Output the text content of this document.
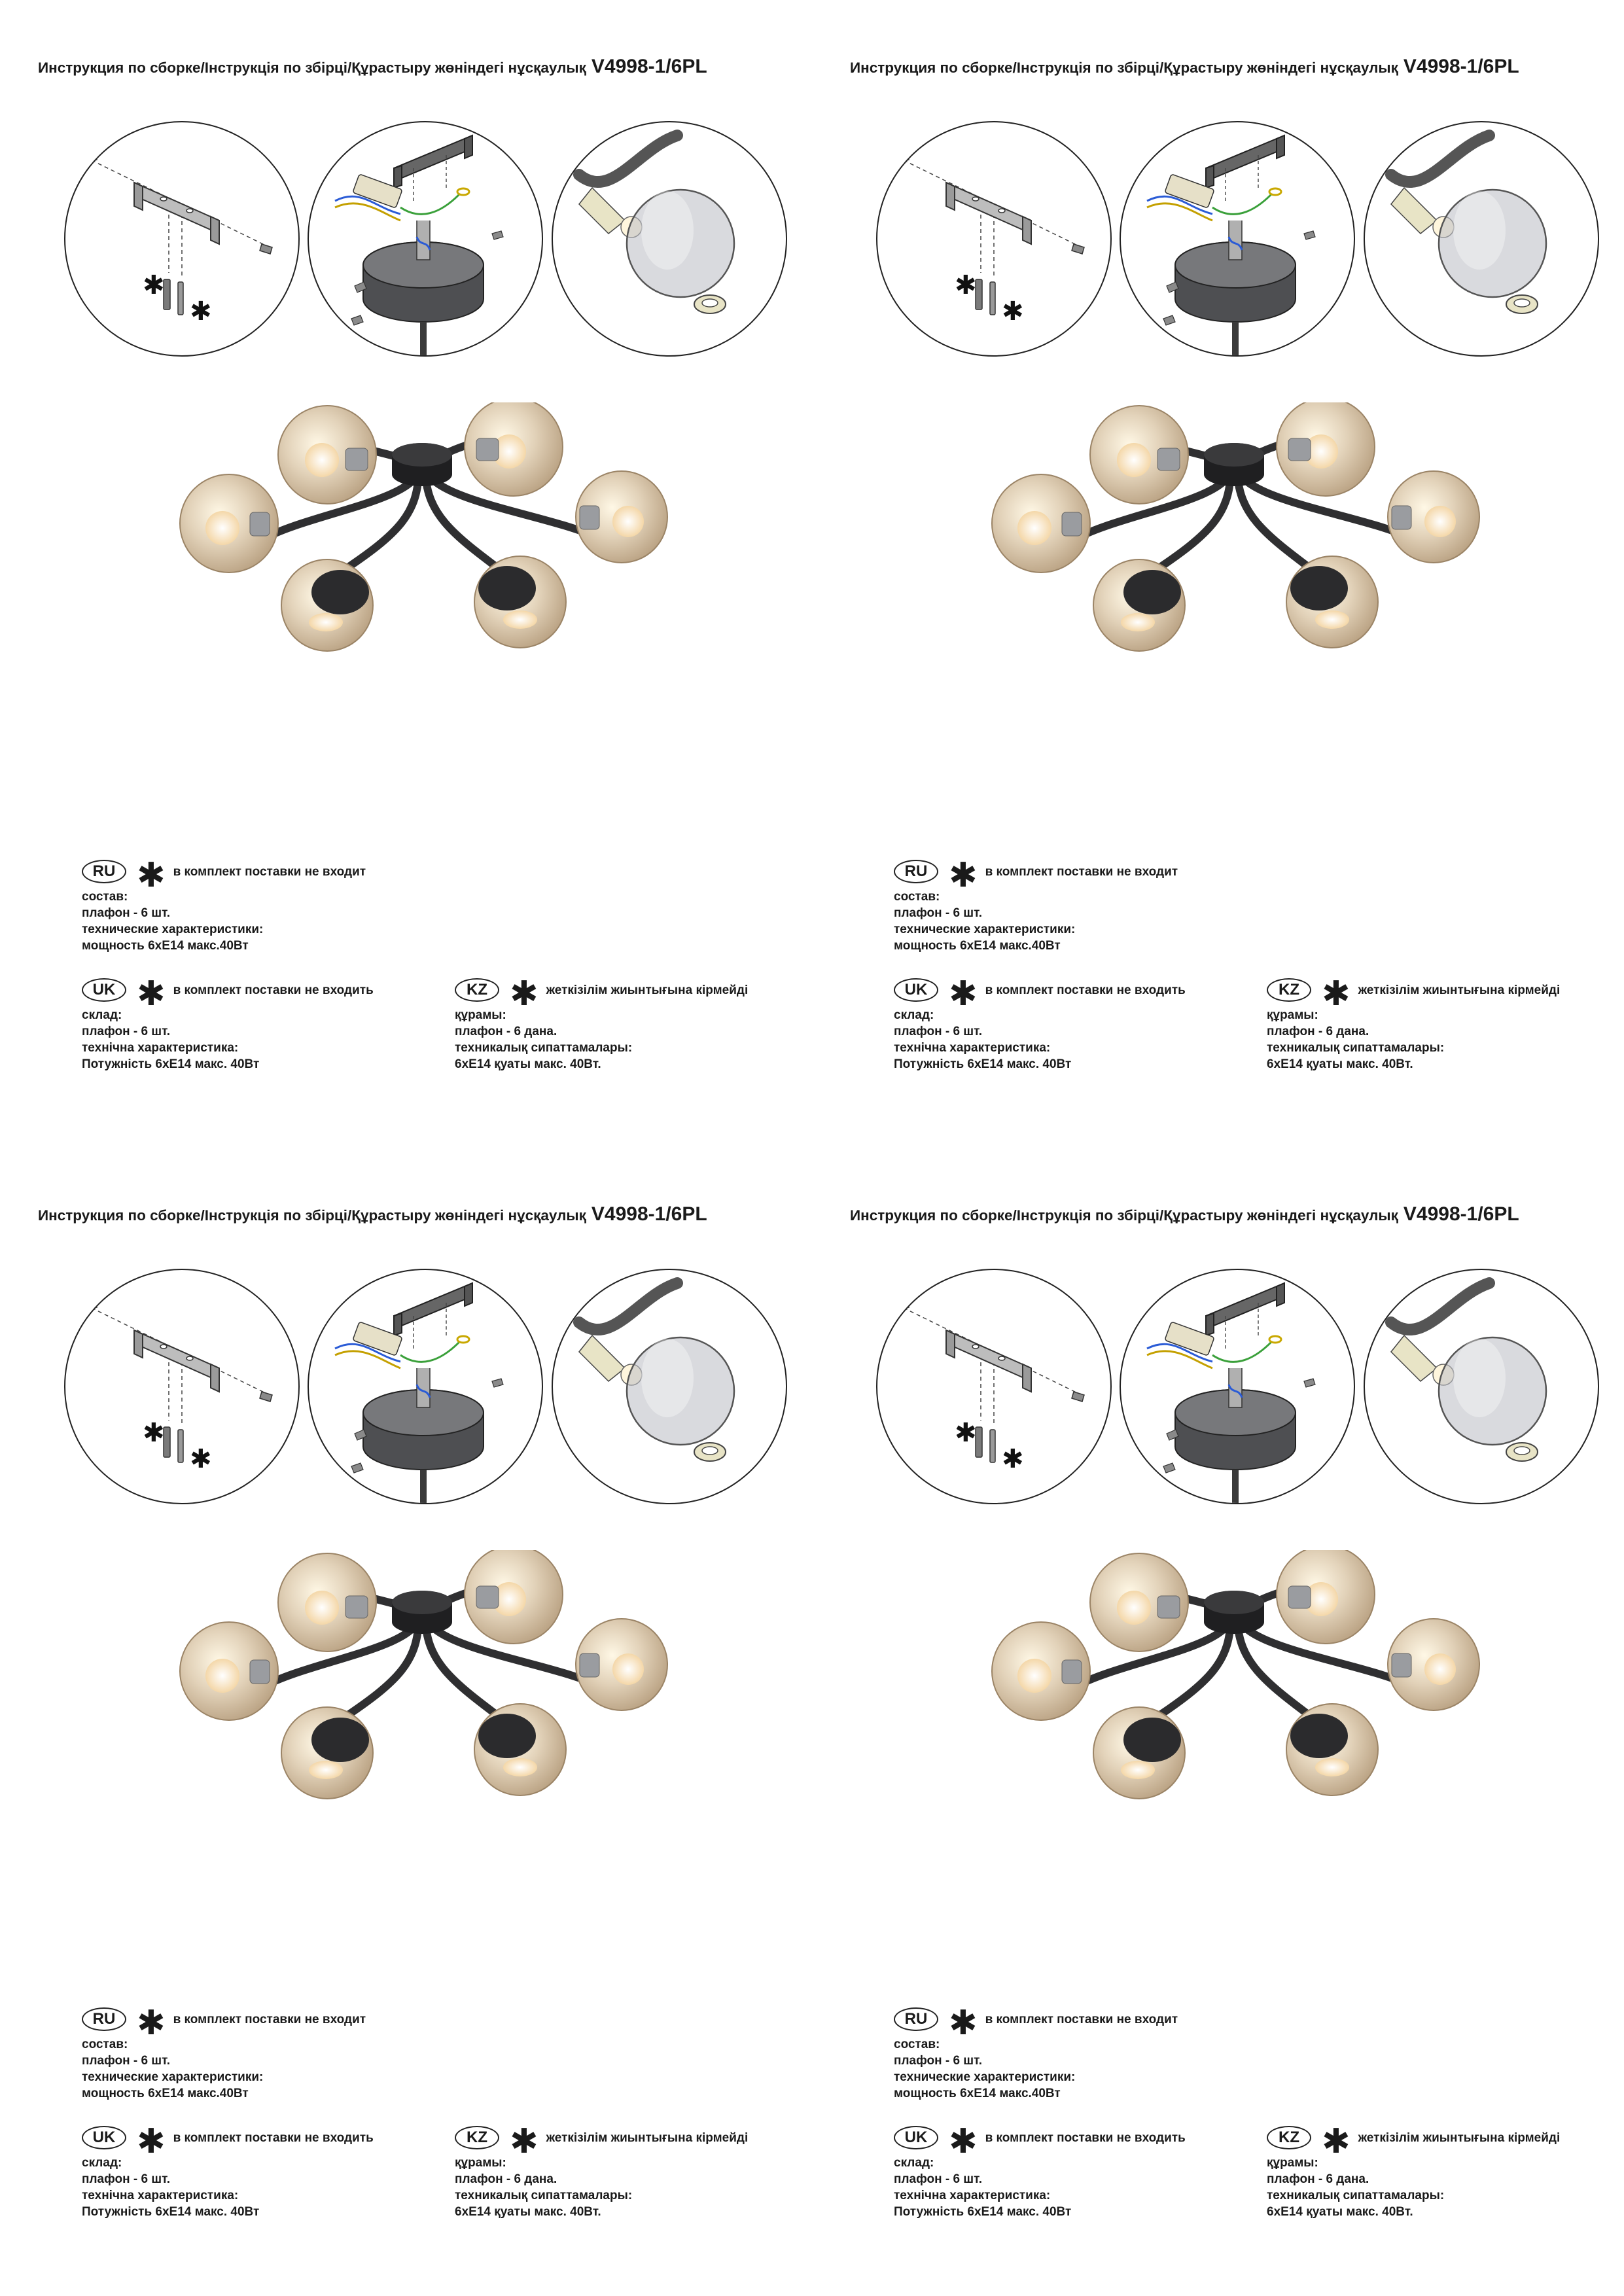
Инструкция по сборке/Інструкція по збірці/Құрастыру жөніндегі нұсқаулық V4998-1/6PL
✱
✱
RU ✱ в комплект поставки не входит
состав:
плафон - 6 шт.
технические характеристики:
мощность 6хЕ14 макс.40Вт
UK ✱ в комплект поставки не входить
склад:
плафон - 6 шт.
технічна характеристика:
Потужність 6хЕ14 макс. 40Вт
KZ ✱ жеткізілім жиынтығына кірмейді
құрамы:
плафон - 6 дана.
техникалық сипаттамалары:
6хЕ14 қуаты макс. 40Вт.
Инструкция по сборке/Інструкція по збірці/Құрастыру жөніндегі нұсқаулық V4998-1/6PL
✱
✱
RU ✱ в комплект поставки не входит
состав:
плафон - 6 шт.
технические характеристики:
мощность 6хЕ14 макс.40Вт
UK ✱ в комплект поставки не входить
склад:
плафон - 6 шт.
технічна характеристика:
Потужність 6хЕ14 макс. 40Вт
KZ ✱ жеткізілім жиынтығына кірмейді
құрамы:
плафон - 6 дана.
техникалық сипаттамалары:
6хЕ14 қуаты макс. 40Вт.
Инструкция по сборке/Інструкція по збірці/Құрастыру жөніндегі нұсқаулық V4998-1/6PL
✱
✱
RU ✱ в комплект поставки не входит
состав:
плафон - 6 шт.
технические характеристики:
мощность 6хЕ14 макс.40Вт
UK ✱ в комплект поставки не входить
склад:
плафон - 6 шт.
технічна характеристика:
Потужність 6хЕ14 макс. 40Вт
KZ ✱ жеткізілім жиынтығына кірмейді
құрамы:
плафон - 6 дана.
техникалық сипаттамалары:
6хЕ14 қуаты макс. 40Вт.
Инструкция по сборке/Інструкція по збірці/Құрастыру жөніндегі нұсқаулық V4998-1/6PL
✱
✱
RU ✱ в комплект поставки не входит
состав:
плафон - 6 шт.
технические характеристики:
мощность 6хЕ14 макс.40Вт
UK ✱ в комплект поставки не входить
склад:
плафон - 6 шт.
технічна характеристика:
Потужність 6хЕ14 макс. 40Вт
KZ ✱ жеткізілім жиынтығына кірмейді
құрамы:
плафон - 6 дана.
техникалық сипаттамалары:
6хЕ14 қуаты макс. 40Вт.
